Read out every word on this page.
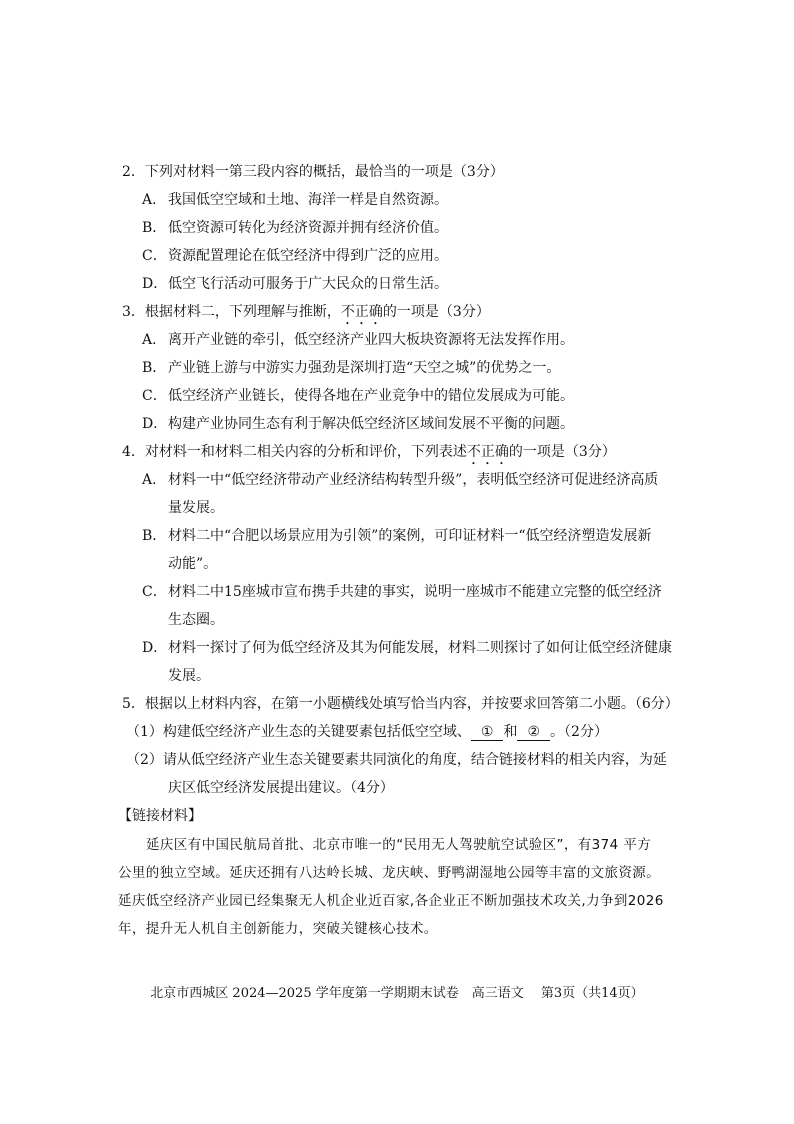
2．下列对材料一第三段内容的概括，最恰当的一项是（3分）
A． 我国低空空域和土地、海洋一样是自然资源。
B． 低空资源可转化为经济资源并拥有经济价值。
C． 资源配置理论在低空经济中得到广泛的应用。
D． 低空飞行活动可服务于广大民众的日常生活。
3．根据材料二，下列理解与推断，不正确的一项是（3分）
A． 离开产业链的牵引，低空经济产业四大板块资源将无法发挥作用。
B． 产业链上游与中游实力强劲是深圳打造“天空之城”的优势之一。
C． 低空经济产业链长，使得各地在产业竞争中的错位发展成为可能。
D． 构建产业协同生态有利于解决低空经济区域间发展不平衡的问题。
4．对材料一和材料二相关内容的分析和评价，下列表述不正确的一项是（3分）
A． 材料一中“低空经济带动产业经济结构转型升级”，表明低空经济可促进经济高质
量发展。
B． 材料二中“合肥以场景应用为引领”的案例，可印证材料一“低空经济塑造发展新
动能”。
C． 材料二中15座城市宣布携手共建的事实，说明一座城市不能建立完整的低空经济
生态圈。
D． 材料一探讨了何为低空经济及其为何能发展，材料二则探讨了如何让低空经济健康
发展。
5．根据以上材料内容，在第一小题横线处填写恰当内容，并按要求回答第二小题。（6分）
（1）构建低空经济产业生态的关键要素包括低空空域、 ① 和 ② 。（2分）
（2）请从低空经济产业生态关键要素共同演化的角度，结合链接材料的相关内容，为延
庆区低空经济发展提出建议。（4分）
【链接材料】
延庆区有中国民航局首批、北京市唯一的“民用无人驾驶航空试验区”，有374 平方
公里的独立空域。延庆还拥有八达岭长城、龙庆峡、野鸭湖湿地公园等丰富的文旅资源。
延庆低空经济产业园已经集聚无人机企业近百家,各企业正不断加强技术攻关,力争到2026
年，提升无人机自主创新能力，突破关键核心技术。
北京市西城区 2024—2025 学年度第一学期期末试卷　高三语文　 第3页（共14页）
